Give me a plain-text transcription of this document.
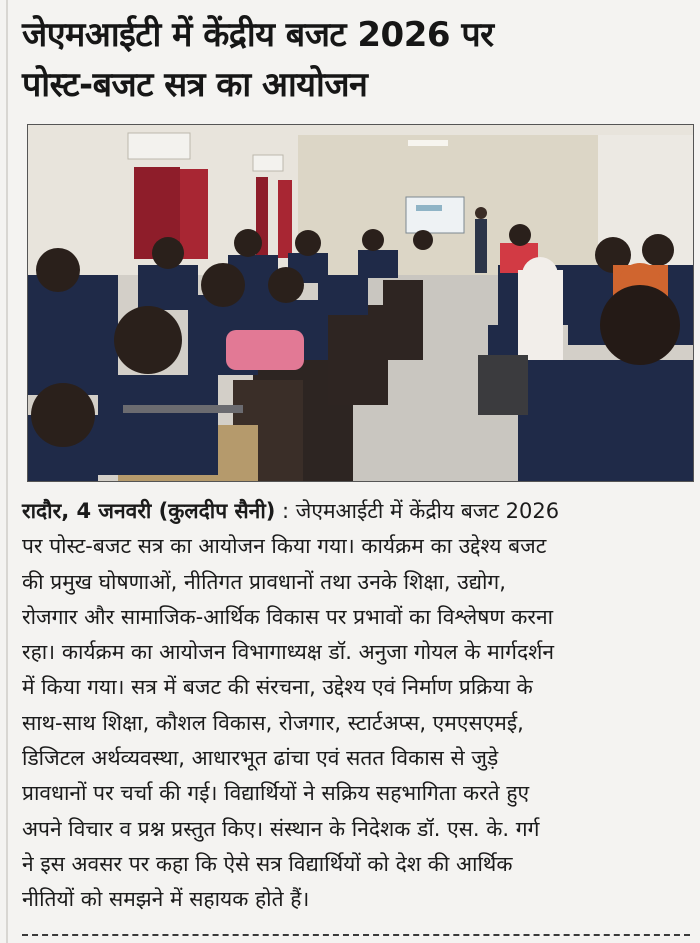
जेएमआईटी में केंद्रीय बजट 2026 पर
पोस्ट-बजट सत्र का आयोजन
रादौर, 4 जनवरी (कुलदीप सैनी) : जेएमआईटी में केंद्रीय बजट 2026
पर पोस्ट-बजट सत्र का आयोजन किया गया। कार्यक्रम का उद्देश्य बजट
की प्रमुख घोषणाओं, नीतिगत प्रावधानों तथा उनके शिक्षा, उद्योग,
रोजगार और सामाजिक-आर्थिक विकास पर प्रभावों का विश्लेषण करना
रहा। कार्यक्रम का आयोजन विभागाध्यक्ष डॉ. अनुजा गोयल के मार्गदर्शन
में किया गया। सत्र में बजट की संरचना, उद्देश्य एवं निर्माण प्रक्रिया के
साथ-साथ शिक्षा, कौशल विकास, रोजगार, स्टार्टअप्स, एमएसएमई,
डिजिटल अर्थव्यवस्था, आधारभूत ढांचा एवं सतत विकास से जुड़े
प्रावधानों पर चर्चा की गई। विद्यार्थियों ने सक्रिय सहभागिता करते हुए
अपने विचार व प्रश्न प्रस्तुत किए। संस्थान के निदेशक डॉ. एस. के. गर्ग
ने इस अवसर पर कहा कि ऐसे सत्र विद्यार्थियों को देश की आर्थिक
नीतियों को समझने में सहायक होते हैं।
